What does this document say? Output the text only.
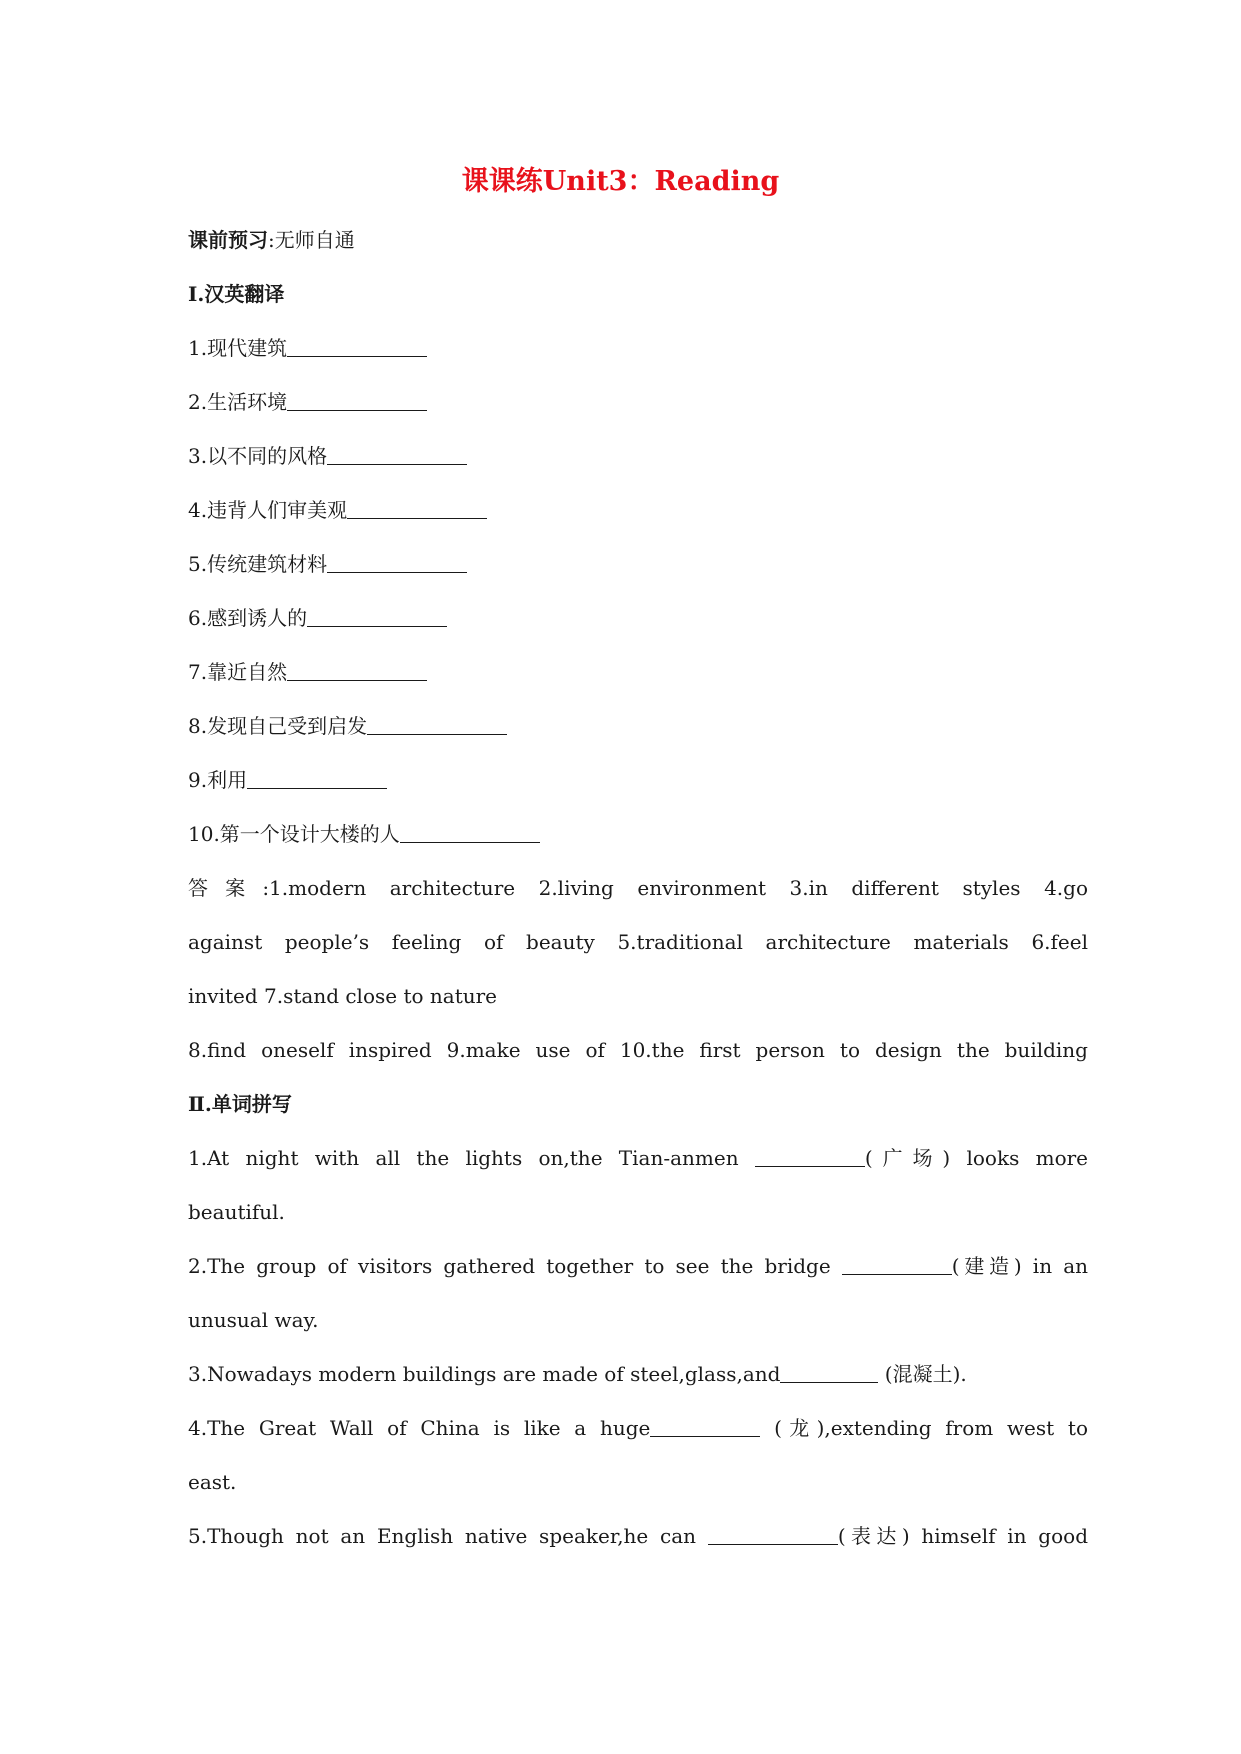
课课练Unit3：Reading
课前预习:无师自通
Ⅰ.汉英翻译
1.现代建筑
2.生活环境
3.以不同的风格
4.违背人们审美观
5.传统建筑材料
6.感到诱人的
7.靠近自然
8.发现自己受到启发
9.利用
10.第一个设计大楼的人
答案:1.modern architecture 2.living environment 3.in different styles 4.go
against people’s feeling of beauty 5.traditional architecture materials 6.feel
invited 7.stand close to nature
8.find oneself inspired 9.make use of 10.the first person to design the building
Ⅱ.单词拼写
1.At night with all the lights on,the Tian-anmen	(广场) looks more
beautiful.
2.The group of visitors gathered together to see the bridge	(建造) in an
unusual way.
3.Nowadays modern buildings are made of steel,glass,and	(混凝土).
4.The Great Wall of China is like a huge	(龙),extending from west to
east.
5.Though not an English native speaker,he can	(表达) himself in good
